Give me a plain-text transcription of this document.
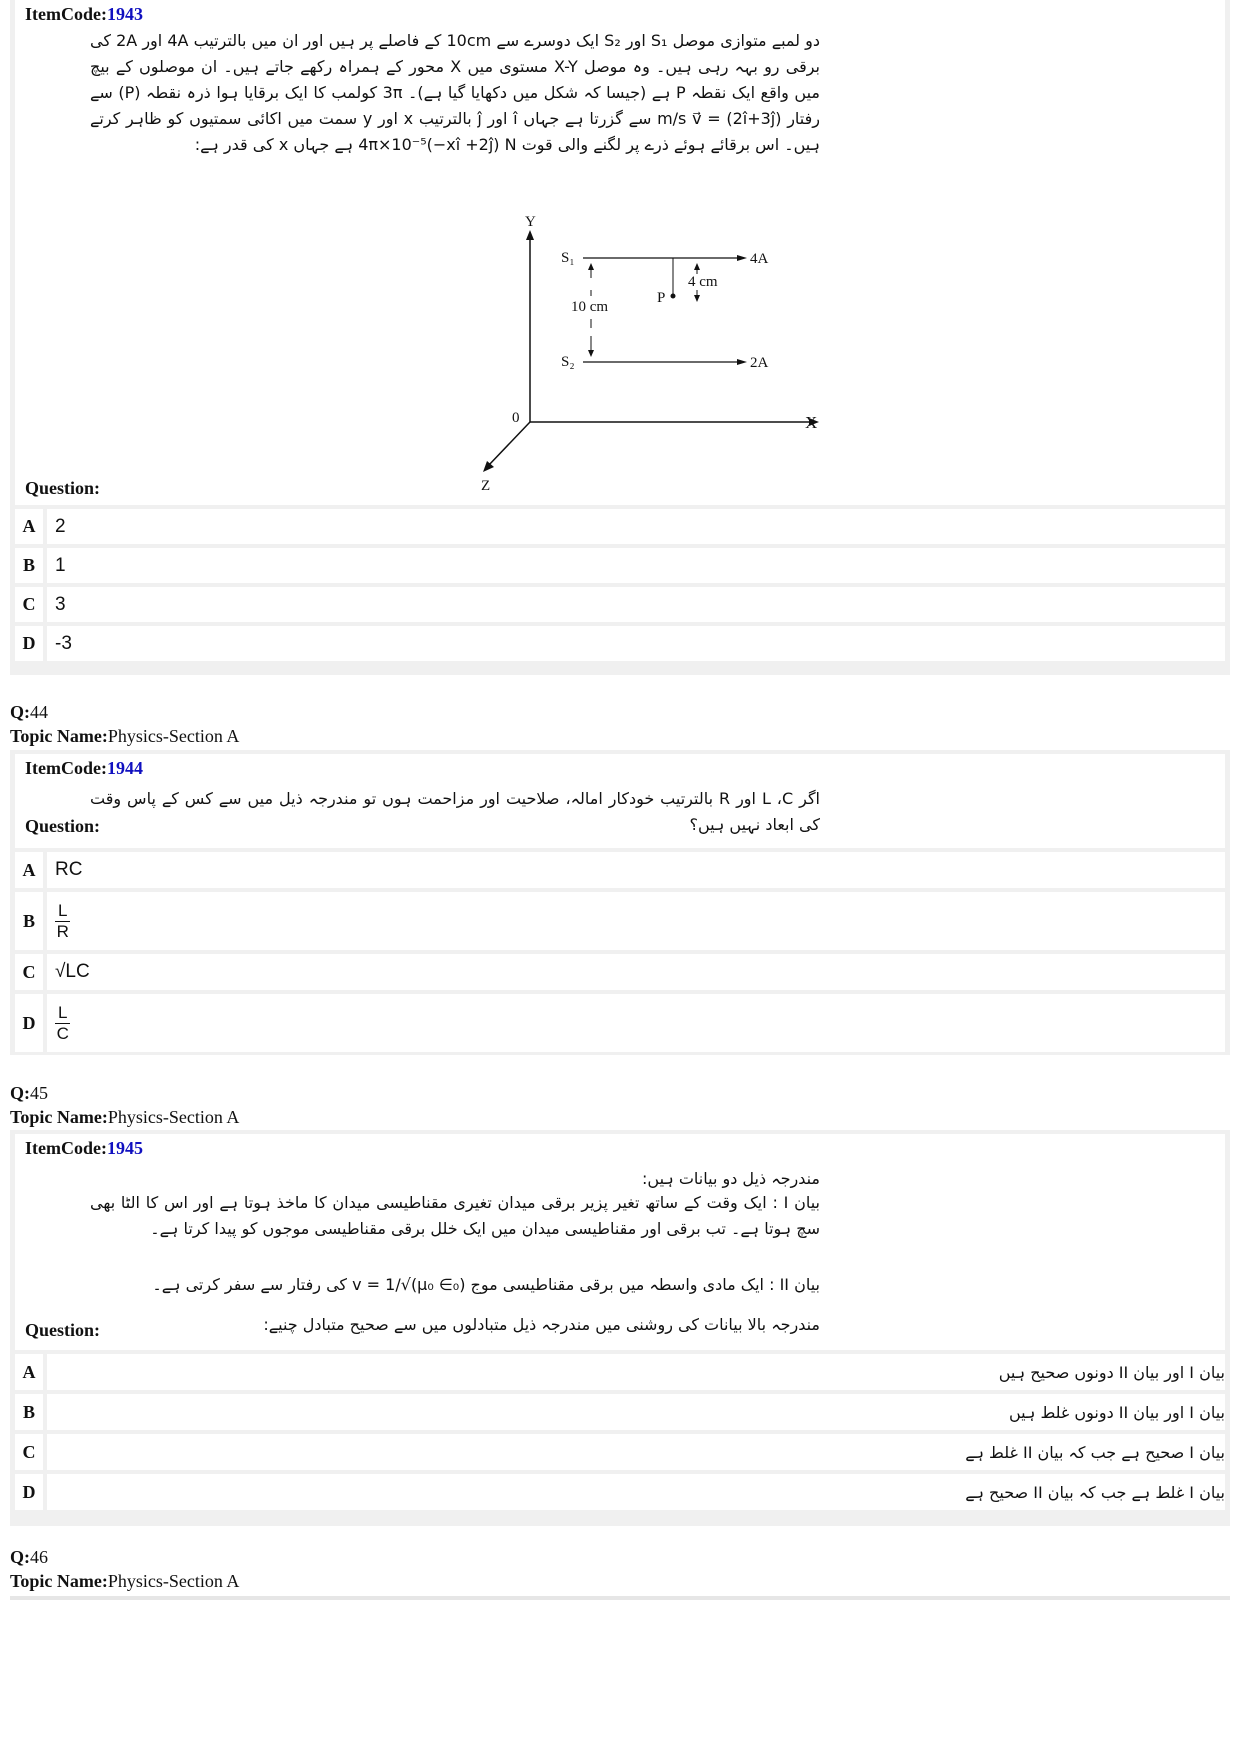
ItemCode:1943
دو لمبے متوازی موصل S₁ اور S₂ ایک دوسرے سے 10cm کے فاصلے پر ہیں اور ان میں بالترتیب 4A اور 2A کی برقی رو بہہ رہی ہیں۔ وہ موصل X-Y مستوی میں X محور کے ہمراہ رکھے جاتے ہیں۔ ان موصلوں کے بیچ میں واقع ایک نقطہ P ہے (جیسا کہ شکل میں دکھایا گیا ہے)۔ 3π کولمب کا ایک برقایا ہوا ذرہ نقطہ (P) سے رفتار m/s v⃗ = (2î+3ĵ) سے گزرتا ہے جہاں î اور ĵ بالترتیب x اور y سمت میں اکائی سمتیوں کو ظاہر کرتے ہیں۔ اس برقائے ہوئے ذرے پر لگنے والی قوت 4π×10⁻⁵(−xî +2ĵ) N ہے جہاں x کی قدر ہے:
Y
X
Z
0
S₁
S₂
4A
2A
10 cm
P
4 cm
Question:
A	2
B	1
C	3
D	-3
Q:44
Topic Name:Physics-Section A
ItemCode:1944
اگر L ،C اور R بالترتیب خودکار امالہ، صلاحیت اور مزاحمت ہوں تو مندرجہ ذیل میں سے کس کے پاس وقت کی ابعاد نہیں ہیں؟
Question:
A	RC
B	$\frac{L}{R}$
C	√LC
D	$\frac{L}{C}$
Q:45
Topic Name:Physics-Section A
ItemCode:1945
مندرجہ ذیل دو بیانات ہیں:
بیان I : ایک وقت کے ساتھ تغیر پزیر برقی میدان تغیری مقناطیسی میدان کا ماخذ ہوتا ہے اور اس کا الٹا بھی سچ ہوتا ہے۔ تب برقی اور مقناطیسی میدان میں ایک خلل برقی مقناطیسی موجوں کو پیدا کرتا ہے۔
بیان II : ایک مادی واسطہ میں برقی مقناطیسی موج v = 1/√(μ₀ ∈₀) کی رفتار سے سفر کرتی ہے۔
مندرجہ بالا بیانات کی روشنی میں مندرجہ ذیل متبادلوں میں سے صحیح متبادل چنیے:
Question:
A	بیان I اور بیان II دونوں صحیح ہیں
B	بیان I اور بیان II دونوں غلط ہیں
C	بیان I صحیح ہے جب کہ بیان II غلط ہے
D	بیان I غلط ہے جب کہ بیان II صحیح ہے
Q:46
Topic Name:Physics-Section A
